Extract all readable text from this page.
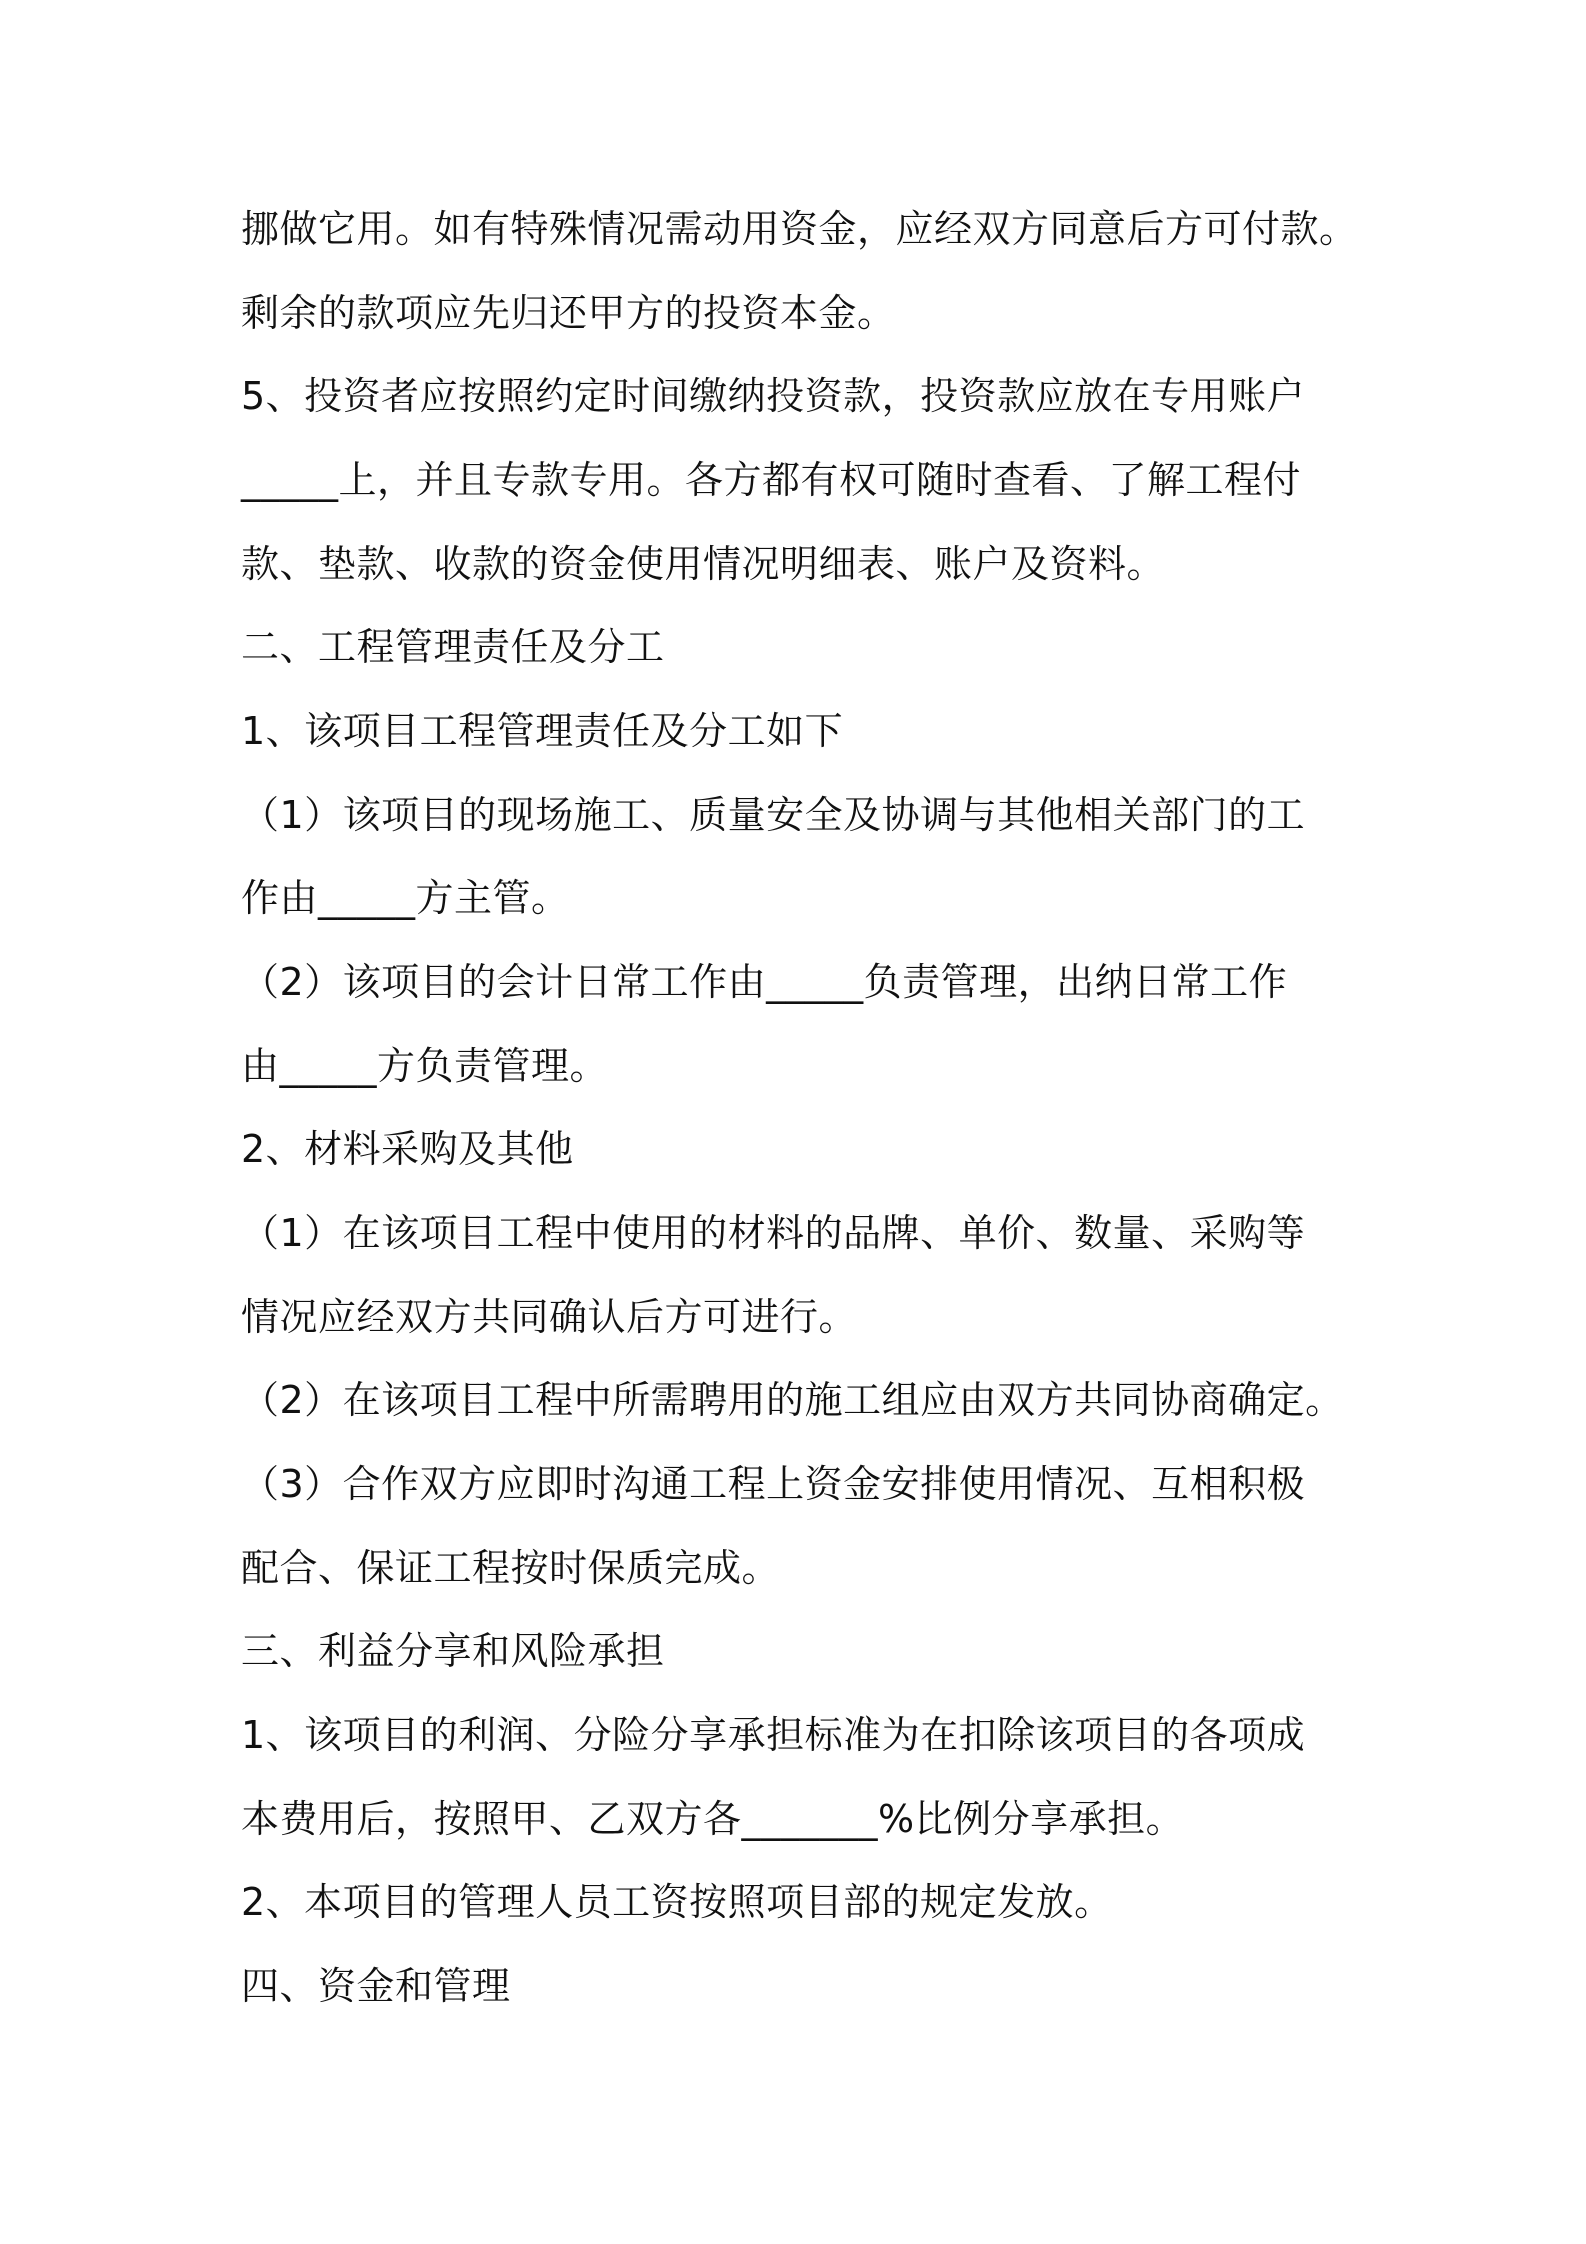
挪做它用。如有特殊情况需动用资金，应经双方同意后方可付款。
剩余的款项应先归还甲方的投资本金。
5、投资者应按照约定时间缴纳投资款，投资款应放在专用账户
_____上，并且专款专用。各方都有权可随时查看、了解工程付
款、垫款、收款的资金使用情况明细表、账户及资料。
二、工程管理责任及分工
1、该项目工程管理责任及分工如下
（1）该项目的现场施工、质量安全及协调与其他相关部门的工
作由_____方主管。
（2）该项目的会计日常工作由_____负责管理，出纳日常工作
由_____方负责管理。
2、材料采购及其他
（1）在该项目工程中使用的材料的品牌、单价、数量、采购等
情况应经双方共同确认后方可进行。
（2）在该项目工程中所需聘用的施工组应由双方共同协商确定。
（3）合作双方应即时沟通工程上资金安排使用情况、互相积极
配合、保证工程按时保质完成。
三、利益分享和风险承担
1、该项目的利润、分险分享承担标准为在扣除该项目的各项成
本费用后，按照甲、乙双方各_______%比例分享承担。
2、本项目的管理人员工资按照项目部的规定发放。
四、资金和管理
